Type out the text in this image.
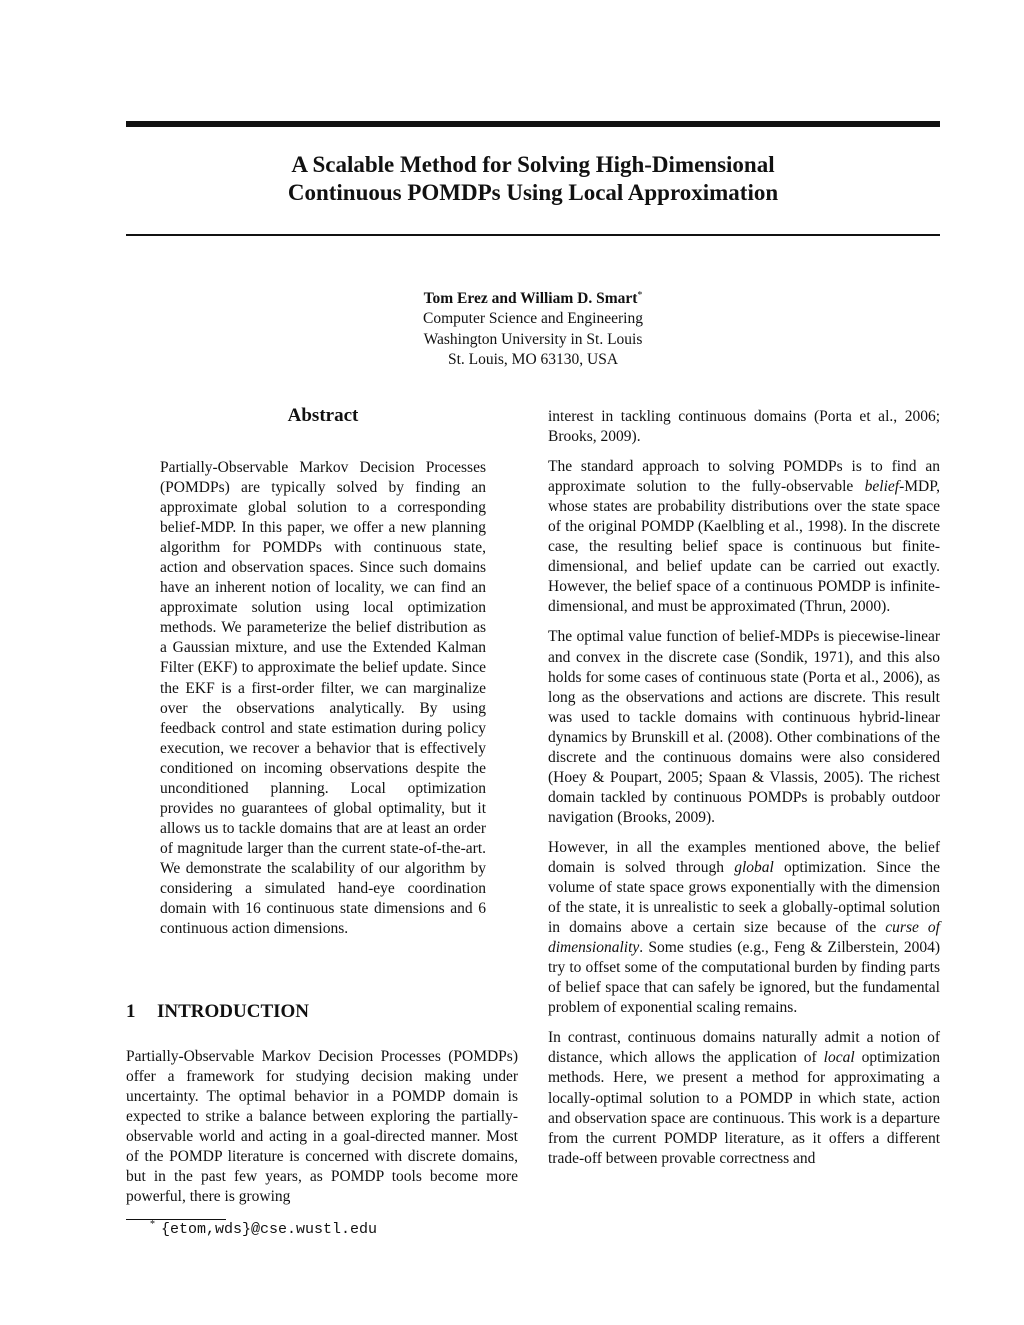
A Scalable Method for Solving High-Dimensional
Continuous POMDPs Using Local Approximation
Tom Erez and William D. Smart*
Computer Science and Engineering
Washington University in St. Louis
St. Louis, MO 63130, USA
Abstract

Partially-Observable Markov Decision Processes (POMDPs) are typically solved by finding an approximate global solution to a corresponding belief-MDP. In this paper, we offer a new planning algorithm for POMDPs with continuous state, action and observation spaces. Since such domains have an inherent notion of locality, we can find an approximate solution using local optimization methods. We parameterize the belief distribution as a Gaussian mixture, and use the Extended Kalman Filter (EKF) to approximate the belief update. Since the EKF is a first-order filter, we can marginalize over the observations analytically. By using feedback control and state estimation during policy execution, we recover a behavior that is effectively conditioned on incoming observations despite the unconditioned planning. Local optimization provides no guarantees of global optimality, but it allows us to tackle domains that are at least an order of magnitude larger than the current state-of-the-art. We demonstrate the scalability of our algorithm by considering a simulated hand-eye coordination domain with 16 continuous state dimensions and 6 continuous action dimensions.

1 INTRODUCTION

Partially-Observable Markov Decision Processes (POMDPs) offer a framework for studying decision making under uncertainty. The optimal behavior in a POMDP domain is expected to strike a balance between exploring the partially-observable world and acting in a goal-directed manner. Most of the POMDP literature is concerned with discrete domains, but in the past few years, as POMDP tools become more powerful, there is growing

* {etom,wds}@cse.wustl.edu

interest in tackling continuous domains (Porta et al., 2006; Brooks, 2009).

The standard approach to solving POMDPs is to find an approximate solution to the fully-observable belief-MDP, whose states are probability distributions over the state space of the original POMDP (Kaelbling et al., 1998). In the discrete case, the resulting belief space is continuous but finite-dimensional, and belief update can be carried out exactly. However, the belief space of a continuous POMDP is infinite-dimensional, and must be approximated (Thrun, 2000).

The optimal value function of belief-MDPs is piecewise-linear and convex in the discrete case (Sondik, 1971), and this also holds for some cases of continuous state (Porta et al., 2006), as long as the observations and actions are discrete. This result was used to tackle domains with continuous hybrid-linear dynamics by Brunskill et al. (2008). Other combinations of the discrete and the continuous domains were also considered (Hoey & Poupart, 2005; Spaan & Vlassis, 2005). The richest domain tackled by continuous POMDPs is probably outdoor navigation (Brooks, 2009).

However, in all the examples mentioned above, the belief domain is solved through global optimization. Since the volume of state space grows exponentially with the dimension of the state, it is unrealistic to seek a globally-optimal solution in domains above a certain size because of the curse of dimensionality. Some studies (e.g., Feng & Zilberstein, 2004) try to offset some of the computational burden by finding parts of belief space that can safely be ignored, but the fundamental problem of exponential scaling remains.

In contrast, continuous domains naturally admit a notion of distance, which allows the application of local optimization methods. Here, we present a method for approximating a locally-optimal solution to a POMDP in which state, action and observation space are continuous. This work is a departure from the current POMDP literature, as it offers a different trade-off between provable correctness and
